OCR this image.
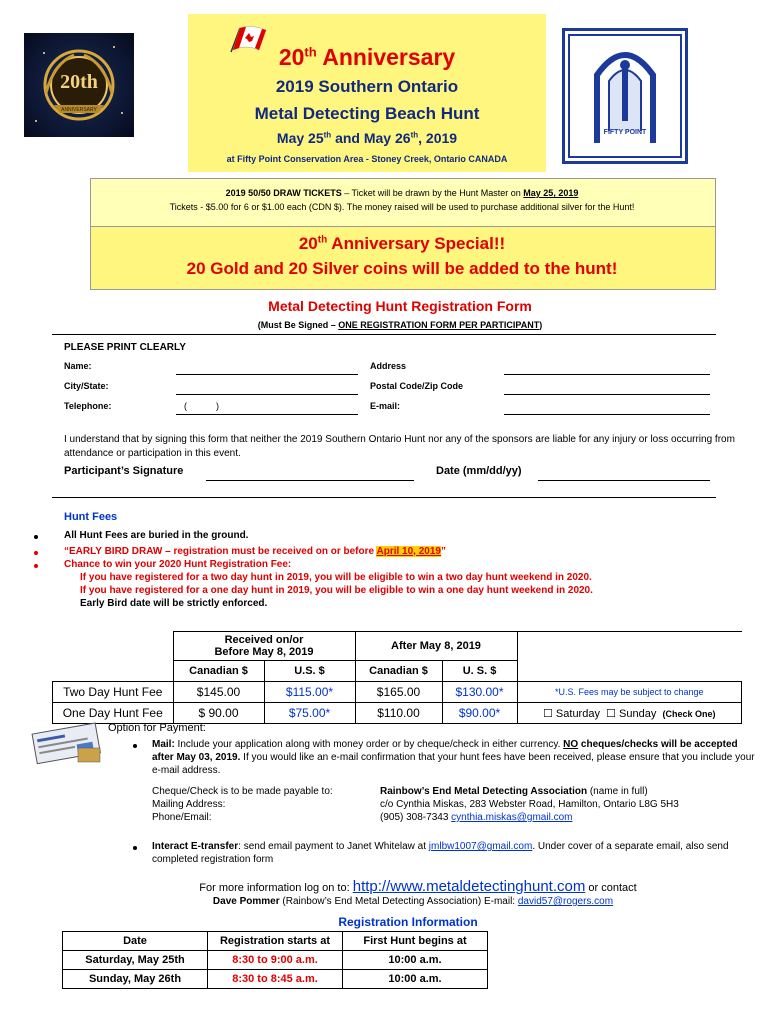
20th
ANNIVERSARY
20th Anniversary
2019 Southern Ontario
Metal Detecting Beach Hunt
May 25th and May 26th, 2019
at Fifty Point Conservation Area - Stoney Creek, Ontario CANADA
FIFTY POINT
2019 50/50 DRAW TICKETS – Ticket will be drawn by the Hunt Master on May 25, 2019
Tickets - $5.00 for 6 or $1.00 each (CDN $). The money raised will be used to purchase additional silver for the Hunt!
20th Anniversary Special!!
20 Gold and 20 Silver coins will be added to the hunt!
Metal Detecting Hunt Registration Form
(Must Be Signed – ONE REGISTRATION FORM PER PARTICIPANT)
PLEASE PRINT CLEARLY
Name:	Address
City/State:	Postal Code/Zip Code
Telephone:	(	)	E-mail:
I understand that by signing this form that neither the 2019 Southern Ontario Hunt nor any of the sponsors are liable for any injury or loss occurring from attendance or participation in this event.
Participant’s Signature	Date (mm/dd/yy)
Hunt Fees
All Hunt Fees are buried in the ground.
“EARLY BIRD DRAW – registration must be received on or before April 10, 2019”
Chance to win your 2020 Hunt Registration Fee:
If you have registered for a two day hunt in 2019, you will be eligible to win a two day hunt weekend in 2020.
If you have registered for a one day hunt in 2019, you will be eligible to win a one day hunt weekend in 2020.
Early Bird date will be strictly enforced.
	Received on/or
Before May 8, 2019		After May 8, 2019		
	Canadian $	U.S. $	Canadian $	U. S. $	
Two Day Hunt Fee	$145.00	$115.00*	$165.00	$130.00*	*U.S. Fees may be subject to change
One Day Hunt Fee	$ 90.00	$75.00*	$110.00	$90.00*	☐ Saturday ☐ Sunday (Check One)
Option for Payment:
Mail: Include your application along with money order or by cheque/check in either currency. NO cheques/checks will be accepted after May 03, 2019. If you would like an e-mail confirmation that your hunt fees have been received, please ensure that you include your e-mail address.
Cheque/Check is to be made payable to:	Rainbow’s End Metal Detecting Association (name in full)
Mailing Address:	c/o Cynthia Miskas, 283 Webster Road, Hamilton, Ontario L8G 5H3
Phone/Email:	(905) 308-7343 cynthia.miskas@gmail.com
Interact E-transfer: send email payment to Janet Whitelaw at jmlbw1007@gmail.com. Under cover of a separate email, also send completed registration form
For more information log on to: http://www.metaldetectinghunt.com or contact
Dave Pommer (Rainbow’s End Metal Detecting Association) E-mail: david57@rogers.com
Registration Information
Date	Registration starts at	First Hunt begins at
Saturday, May 25th	8:30 to 9:00 a.m.	10:00 a.m.
Sunday, May 26th	8:30 to 8:45 a.m.	10:00 a.m.
